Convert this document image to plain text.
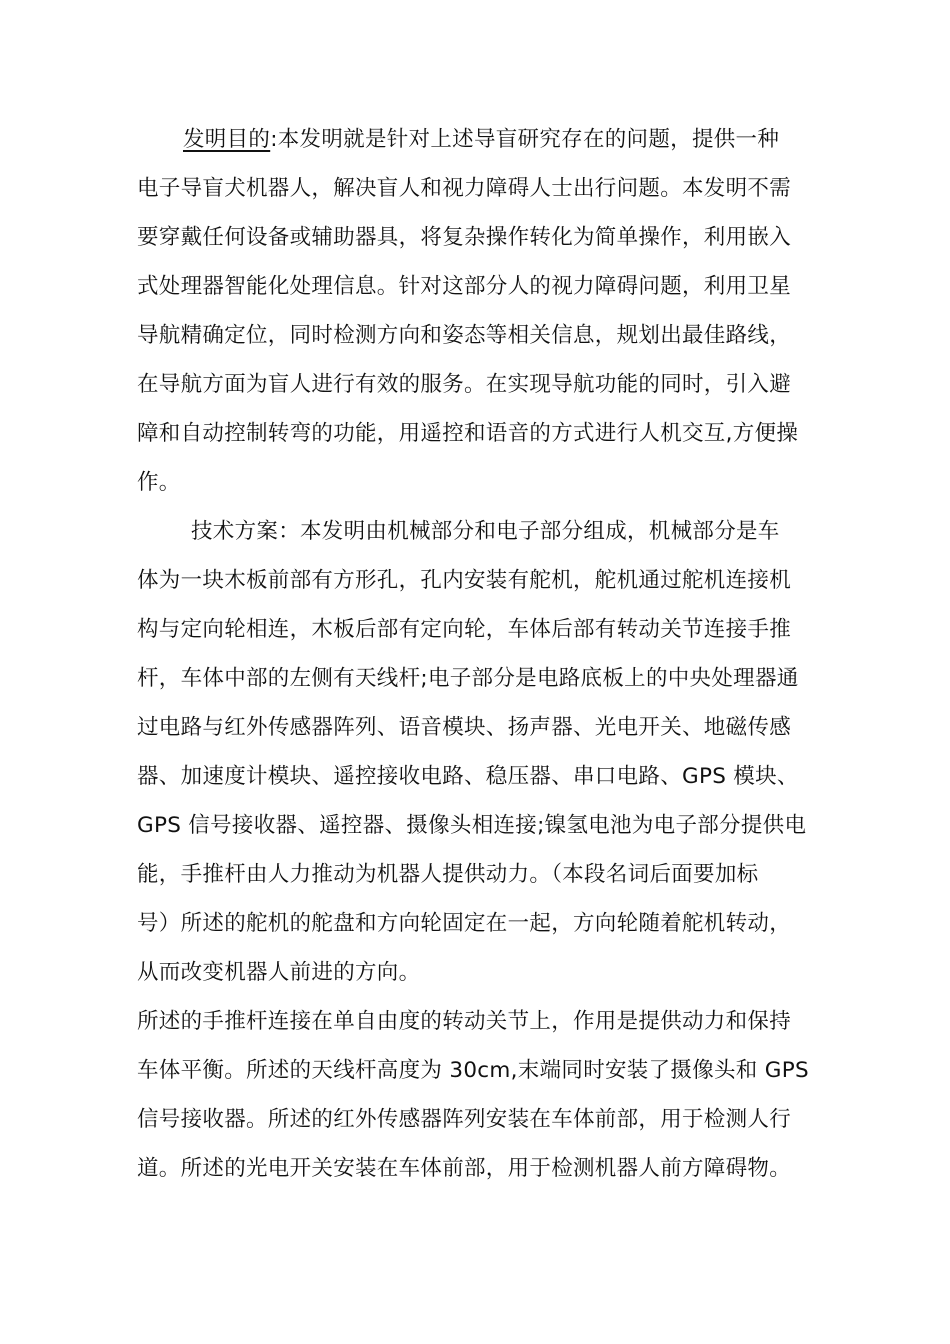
发明目的:本发明就是针对上述导盲研究存在的问题，提供一种
电子导盲犬机器人，解决盲人和视力障碍人士出行问题。本发明不需
要穿戴任何设备或辅助器具，将复杂操作转化为简单操作，利用嵌入
式处理器智能化处理信息。针对这部分人的视力障碍问题，利用卫星
导航精确定位，同时检测方向和姿态等相关信息，规划出最佳路线，
在导航方面为盲人进行有效的服务。在实现导航功能的同时，引入避
障和自动控制转弯的功能，用遥控和语音的方式进行人机交互,方便操
作。
技术方案：本发明由机械部分和电子部分组成，机械部分是车
体为一块木板前部有方形孔，孔内安装有舵机，舵机通过舵机连接机
构与定向轮相连，木板后部有定向轮，车体后部有转动关节连接手推
杆，车体中部的左侧有天线杆;电子部分是电路底板上的中央处理器通
过电路与红外传感器阵列、语音模块、扬声器、光电开关、地磁传感
器、加速度计模块、遥控接收电路、稳压器、串口电路、GPS 模块、
GPS 信号接收器、遥控器、摄像头相连接;镍氢电池为电子部分提供电
能，手推杆由人力推动为机器人提供动力。（本段名词后面要加标
号）所述的舵机的舵盘和方向轮固定在一起，方向轮随着舵机转动，
从而改变机器人前进的方向。
所述的手推杆连接在单自由度的转动关节上，作用是提供动力和保持
车体平衡。所述的天线杆高度为 30cm,末端同时安装了摄像头和 GPS
信号接收器。所述的红外传感器阵列安装在车体前部，用于检测人行
道。所述的光电开关安装在车体前部，用于检测机器人前方障碍物。
